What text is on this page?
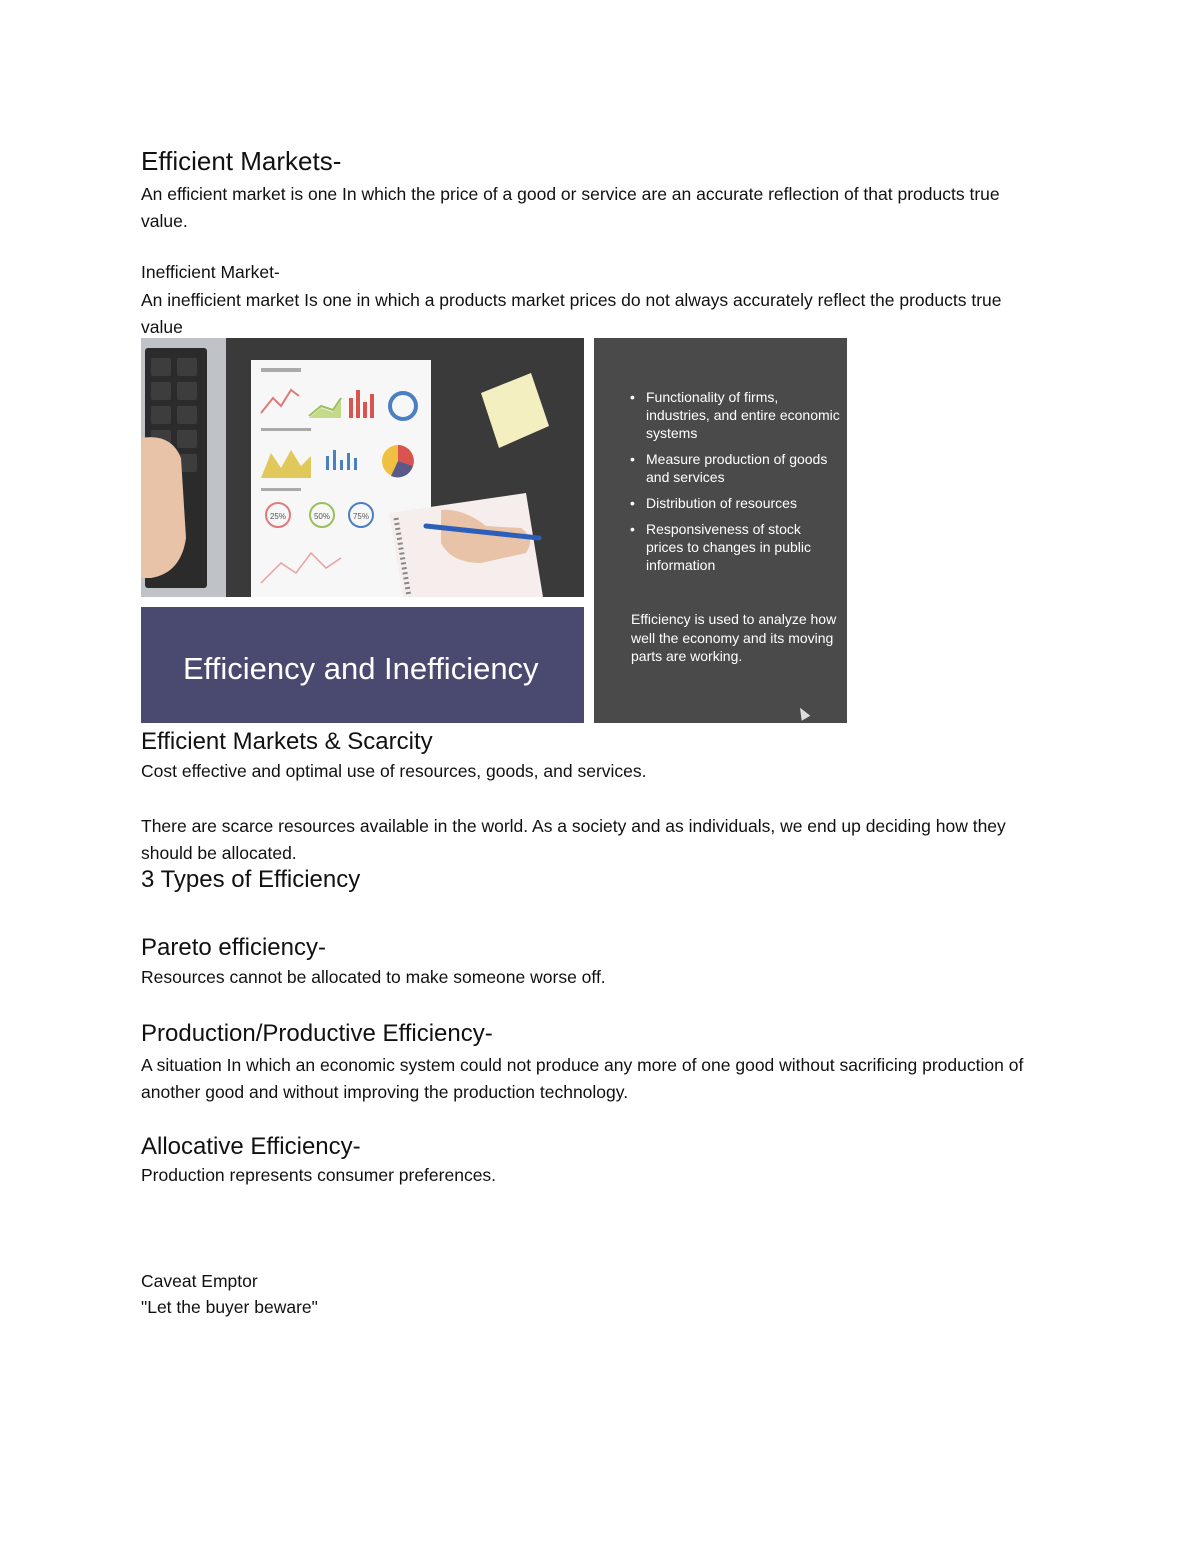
Efficient Markets-
An efficient market is one In which the price of a good or service are an accurate reflection of that products true value.
Inefficient Market-
An inefficient market Is one in which a products market prices do not always accurately reflect the products true value
25%	50%	75%
Efficiency and Inefficiency
• Functionality of firms, industries, and entire economic systems
• Measure production of goods and services
• Distribution of resources
• Responsiveness of stock prices to changes in public information
Efficiency is used to analyze how well the economy and its moving parts are working.
Efficient Markets & Scarcity
Cost effective and optimal use of resources, goods, and services.
There are scarce resources available in the world. As a society and as individuals, we end up deciding how they should be allocated.
3 Types of Efficiency
Pareto efficiency-
Resources cannot be allocated to make someone worse off.
Production/Productive Efficiency-
A situation In which an economic system could not produce any more of one good without sacrificing production of another good and without improving the production technology.
Allocative Efficiency-
Production represents consumer preferences.
Caveat Emptor
"Let the buyer beware"
